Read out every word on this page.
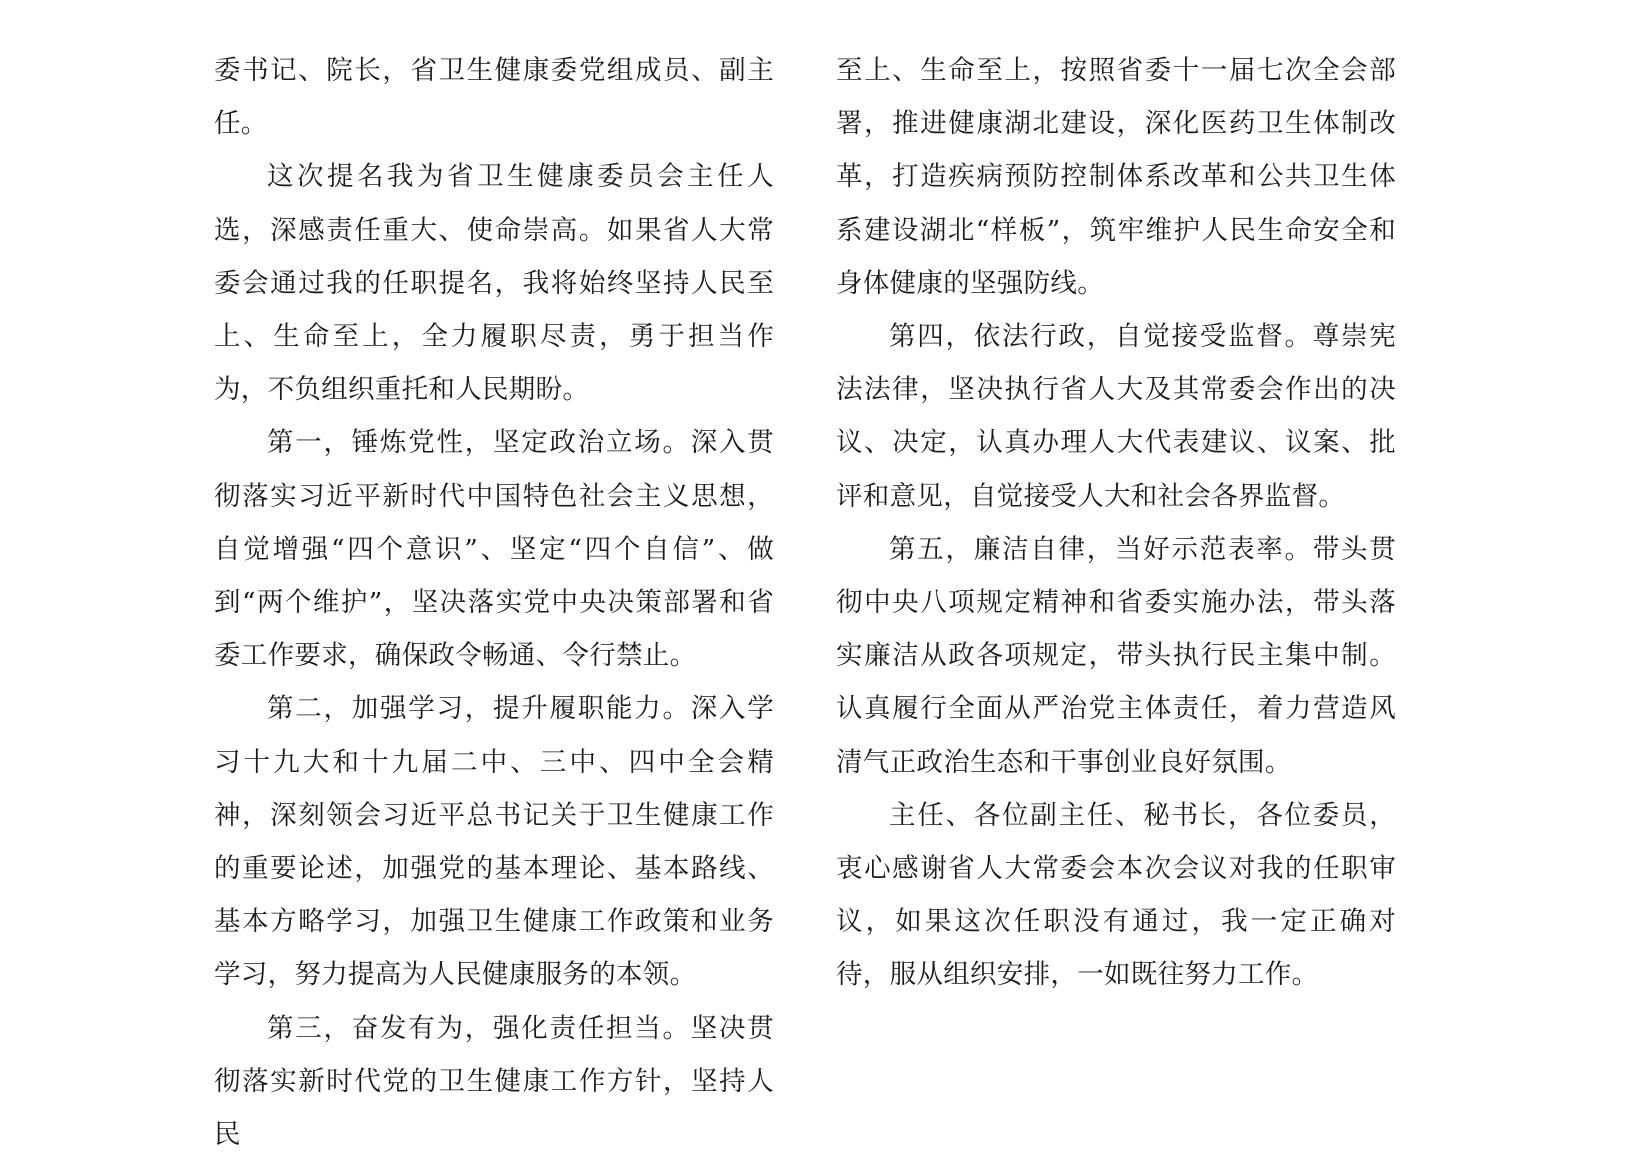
委书记、院长，省卫生健康委党组成员、副主任。

这次提名我为省卫生健康委员会主任人选，深感责任重大、使命崇高。如果省人大常委会通过我的任职提名，我将始终坚持人民至上、生命至上，全力履职尽责，勇于担当作为，不负组织重托和人民期盼。

第一，锤炼党性，坚定政治立场。深入贯彻落实习近平新时代中国特色社会主义思想，自觉增强“四个意识”、坚定“四个自信”、做到“两个维护”，坚决落实党中央决策部署和省委工作要求，确保政令畅通、令行禁止。

第二，加强学习，提升履职能力。深入学习十九大和十九届二中、三中、四中全会精神，深刻领会习近平总书记关于卫生健康工作的重要论述，加强党的基本理论、基本路线、基本方略学习，加强卫生健康工作政策和业务学习，努力提高为人民健康服务的本领。

第三，奋发有为，强化责任担当。坚决贯彻落实新时代党的卫生健康工作方针，坚持人民

至上、生命至上，按照省委十一届七次全会部署，推进健康湖北建设，深化医药卫生体制改革，打造疾病预防控制体系改革和公共卫生体系建设湖北“样板”，筑牢维护人民生命安全和身体健康的坚强防线。

第四，依法行政，自觉接受监督。尊崇宪法法律，坚决执行省人大及其常委会作出的决议、决定，认真办理人大代表建议、议案、批评和意见，自觉接受人大和社会各界监督。

第五，廉洁自律，当好示范表率。带头贯彻中央八项规定精神和省委实施办法，带头落实廉洁从政各项规定，带头执行民主集中制。认真履行全面从严治党主体责任，着力营造风清气正政治生态和干事创业良好氛围。

主任、各位副主任、秘书长，各位委员，衷心感谢省人大常委会本次会议对我的任职审议，如果这次任职没有通过，我一定正确对待，服从组织安排，一如既往努力工作。
